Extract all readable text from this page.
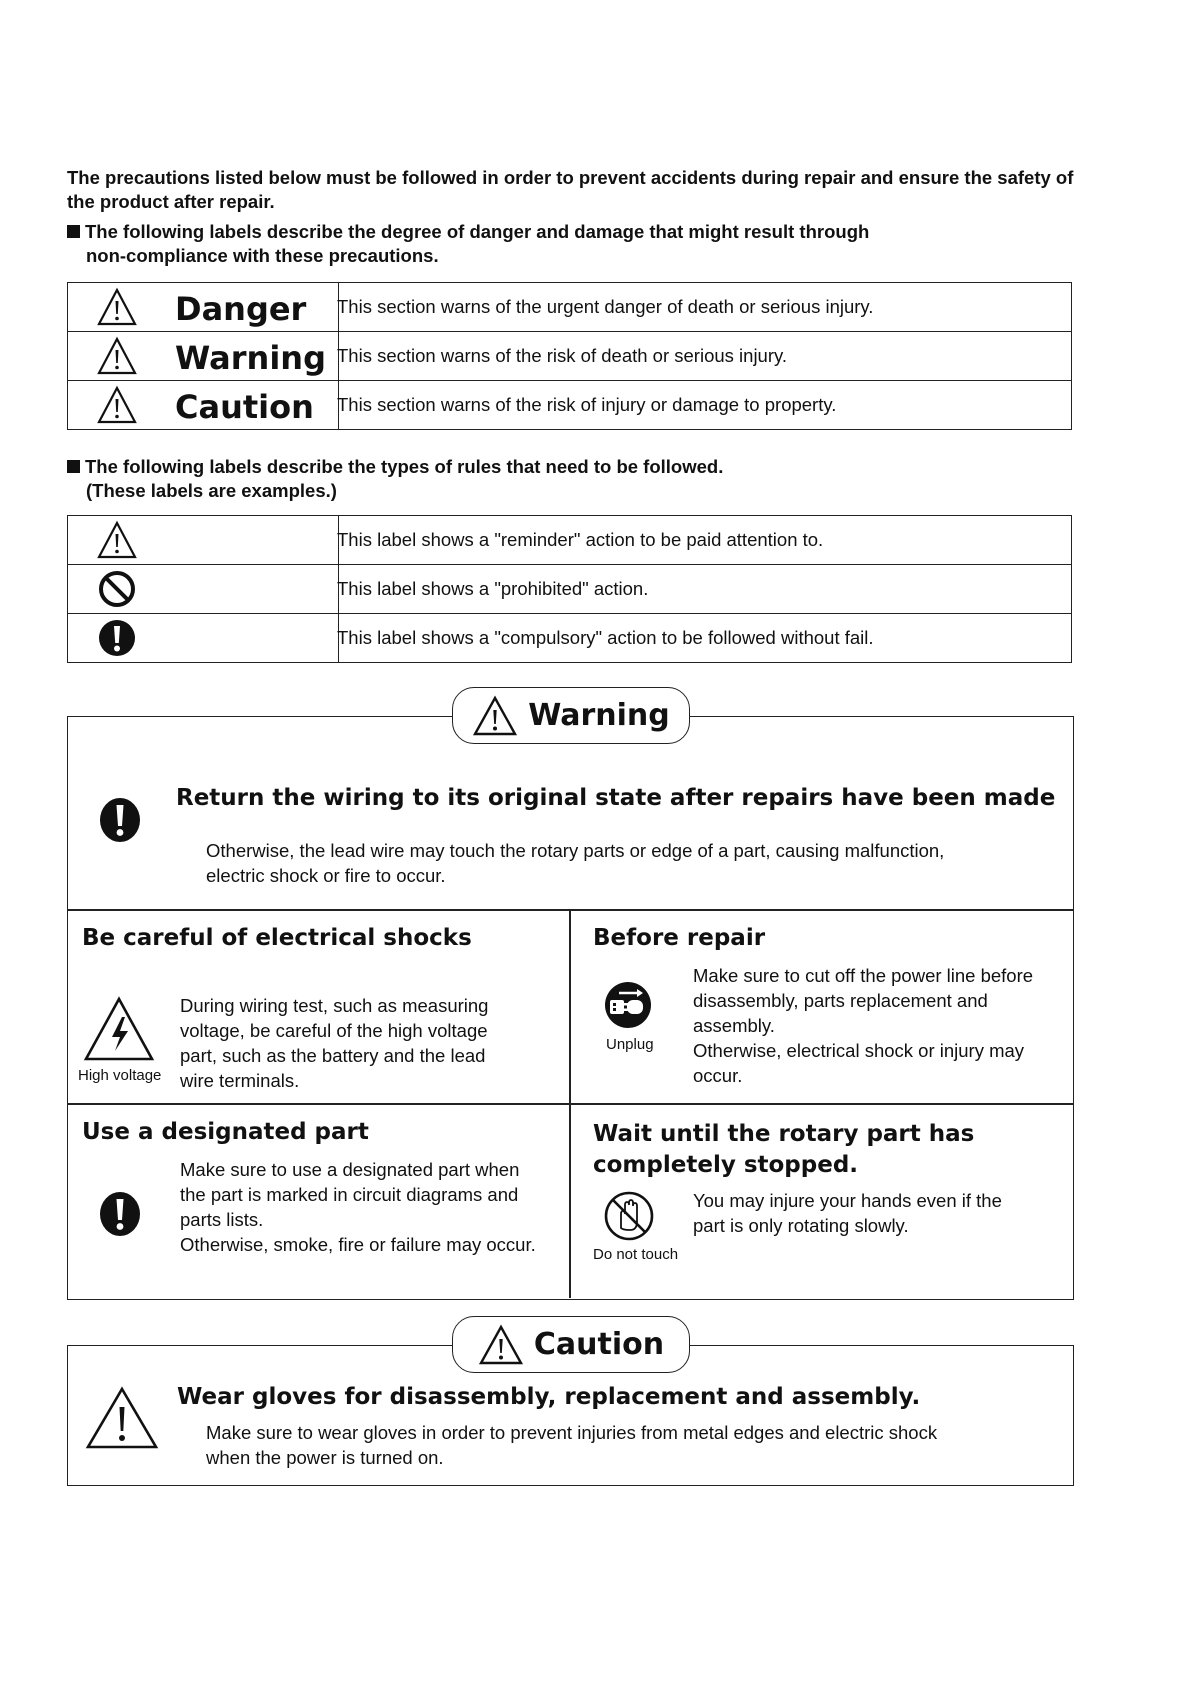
The precautions listed below must be followed in order to prevent accidents during repair and ensure the safety of the product after repair.
The following labels describe the degree of danger and damage that might result through
non-compliance with these precautions.
Danger	This section warns of the urgent danger of death or serious injury.

Warning	This section warns of the risk of death or serious injury.

Caution	This section warns of the risk of injury or damage to property.
The following labels describe the types of rules that need to be followed.
(These labels are examples.)
	This label shows a "reminder" action to be paid attention to.

	This label shows a "prohibited" action.

	This label shows a "compulsory" action to be followed without fail.
Warning
Return the wiring to its original state after repairs have been made
Otherwise, the lead wire may touch the rotary parts or edge of a part, causing malfunction,
electric shock or fire to occur.
Be careful of electrical shocks
High voltage
During wiring test, such as measuring
voltage, be careful of the high voltage
part, such as the battery and the lead
wire terminals.
Before repair
Unplug
Make sure to cut off the power line before
disassembly, parts replacement and
assembly.
Otherwise, electrical shock or injury may
occur.
Use a designated part
Make sure to use a designated part when
the part is marked in circuit diagrams and
parts lists.
Otherwise, smoke, fire or failure may occur.
Wait until the rotary part has
completely stopped.
Do not touch
You may injure your hands even if the
part is only rotating slowly.
Caution
Wear gloves for disassembly, replacement and assembly.
Make sure to wear gloves in order to prevent injuries from metal edges and electric shock
when the power is turned on.
